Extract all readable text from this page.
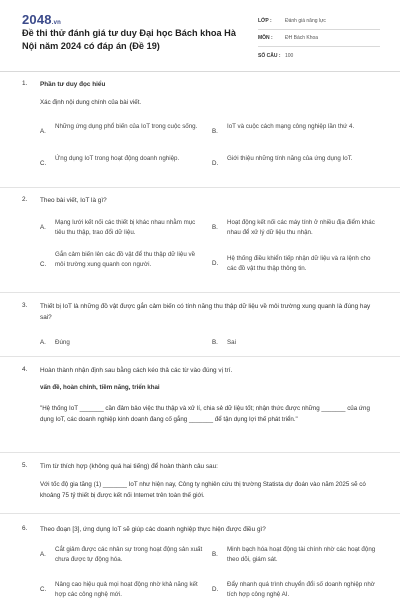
2048.vn
Đề thi thử đánh giá tư duy Đại học Bách khoa Hà Nội năm 2024 có đáp án (Đề 19)
LỚP :	Đánh giá năng lực
MÔN :	ĐH Bách Khoa
SỐ CÂU : 100
1. Phần tư duy đọc hiểu
Xác định nội dung chính của bài viết.
A.
Những ứng dụng phổ biến của IoT trong cuộc sống.
B.
IoT và cuộc cách mạng công nghiệp lần thứ 4.
C.
Ứng dụng IoT trong hoạt động doanh nghiệp.
D.
Giới thiệu những tính năng của ứng dụng IoT.
2. Theo bài viết, IoT là gì?
A.
Mạng lưới kết nối các thiết bị khác nhau nhằm mục tiêu thu thập, trao đổi dữ liệu.
B.
Hoạt động kết nối các máy tính ở nhiều địa điểm khác nhau để xử lý dữ liệu thu nhận.
C.
Gắn cảm biến lên các đồ vật để thu thập dữ liệu về môi trường xung quanh con người.	D.
Hệ thống điều khiển tiếp nhận dữ liệu và ra lệnh cho các đồ vật thu thập thông tin.
3. Thiết bị IoT là những đồ vật được gắn cảm biến có tính năng thu thập dữ liệu về môi trường xung quanh là đúng hay sai?
A. Đúng	B. Sai
4. Hoàn thành nhận định sau bằng cách kéo thả các từ vào đúng vị trí.
vấn đề, hoàn chỉnh, tiềm năng, triển khai
"Hệ thống IoT _______ cần đảm bảo việc thu thập và xử lí, chia sẻ dữ liệu tốt; nhận thức được những _______ của ứng dụng IoT, các doanh nghiệp kinh doanh đang cố gắng _______ để tận dụng lợi thế phát triển."
5. Tìm từ thích hợp (không quá hai tiếng) để hoàn thành câu sau:
Với tốc độ gia tăng (1) _______ IoT như hiện nay, Công ty nghiên cứu thị trường Statista dự đoán vào năm 2025 sẽ có khoảng 75 tỷ thiết bị được kết nối Internet trên toàn thế giới.
6. Theo đoạn [3], ứng dụng IoT sẽ giúp các doanh nghiệp thực hiện được điều gì?
A.
Cắt giảm được các nhân sự trong hoạt động sản xuất chưa được tự động hóa.
B.
Minh bạch hóa hoạt động tài chính nhờ các hoạt động theo dõi, giám sát.
C.
Nâng cao hiệu quả mọi hoạt động nhờ khả năng kết hợp các công nghệ mới.
D.
Đẩy nhanh quá trình chuyển đổi số doanh nghiệp nhờ tích hợp công nghệ AI.
